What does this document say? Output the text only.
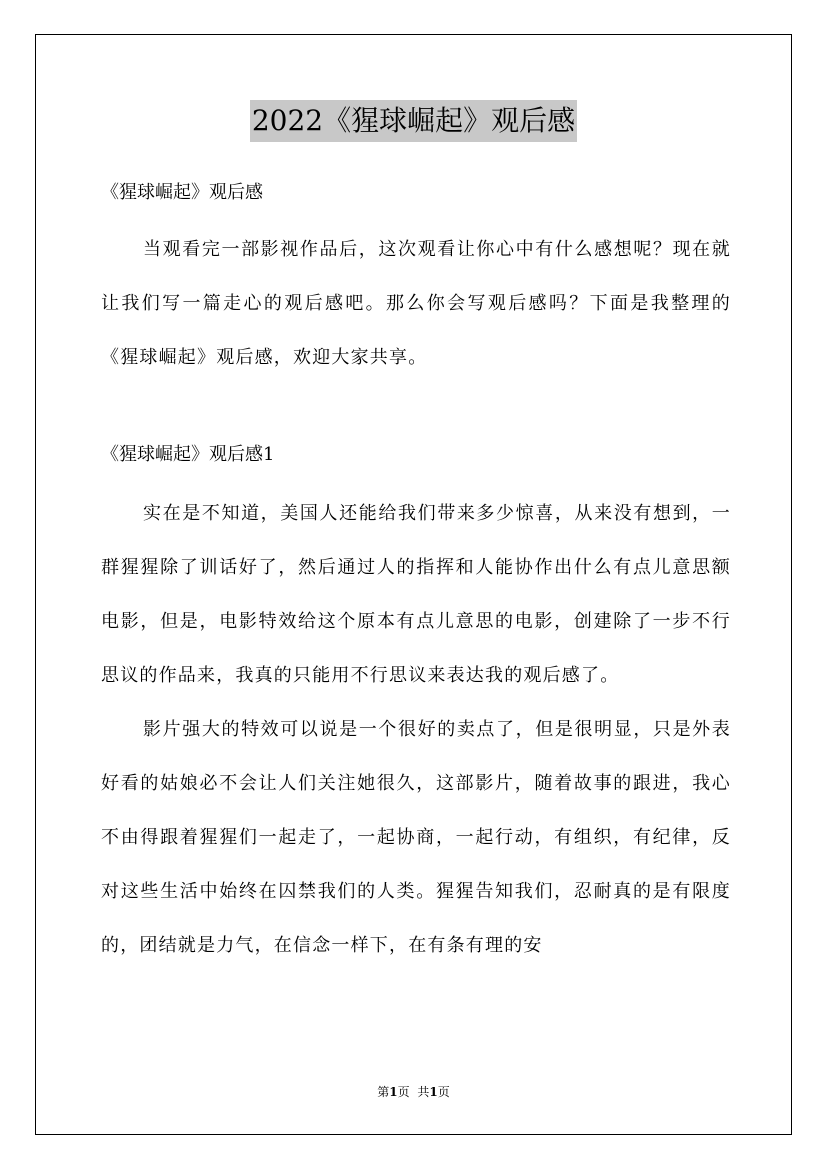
2022《猩球崛起》观后感

《猩球崛起》观后感

当观看完一部影视作品后，这次观看让你心中有什么感想呢？现在就让我们写一篇走心的观后感吧。那么你会写观后感吗？下面是我整理的《猩球崛起》观后感，欢迎大家共享。

《猩球崛起》观后感1

实在是不知道，美国人还能给我们带来多少惊喜，从来没有想到，一群猩猩除了训话好了，然后通过人的指挥和人能协作出什么有点儿意思额电影，但是，电影特效给这个原本有点儿意思的电影，创建除了一步不行思议的作品来，我真的只能用不行思议来表达我的观后感了。

影片强大的特效可以说是一个很好的卖点了，但是很明显，只是外表好看的姑娘必不会让人们关注她很久，这部影片，随着故事的跟进，我心不由得跟着猩猩们一起走了，一起协商，一起行动，有组织，有纪律，反对这些生活中始终在囚禁我们的人类。猩猩告知我们，忍耐真的是有限度的，团结就是力气，在信念一样下，在有条有理的安

第1页 共1页
